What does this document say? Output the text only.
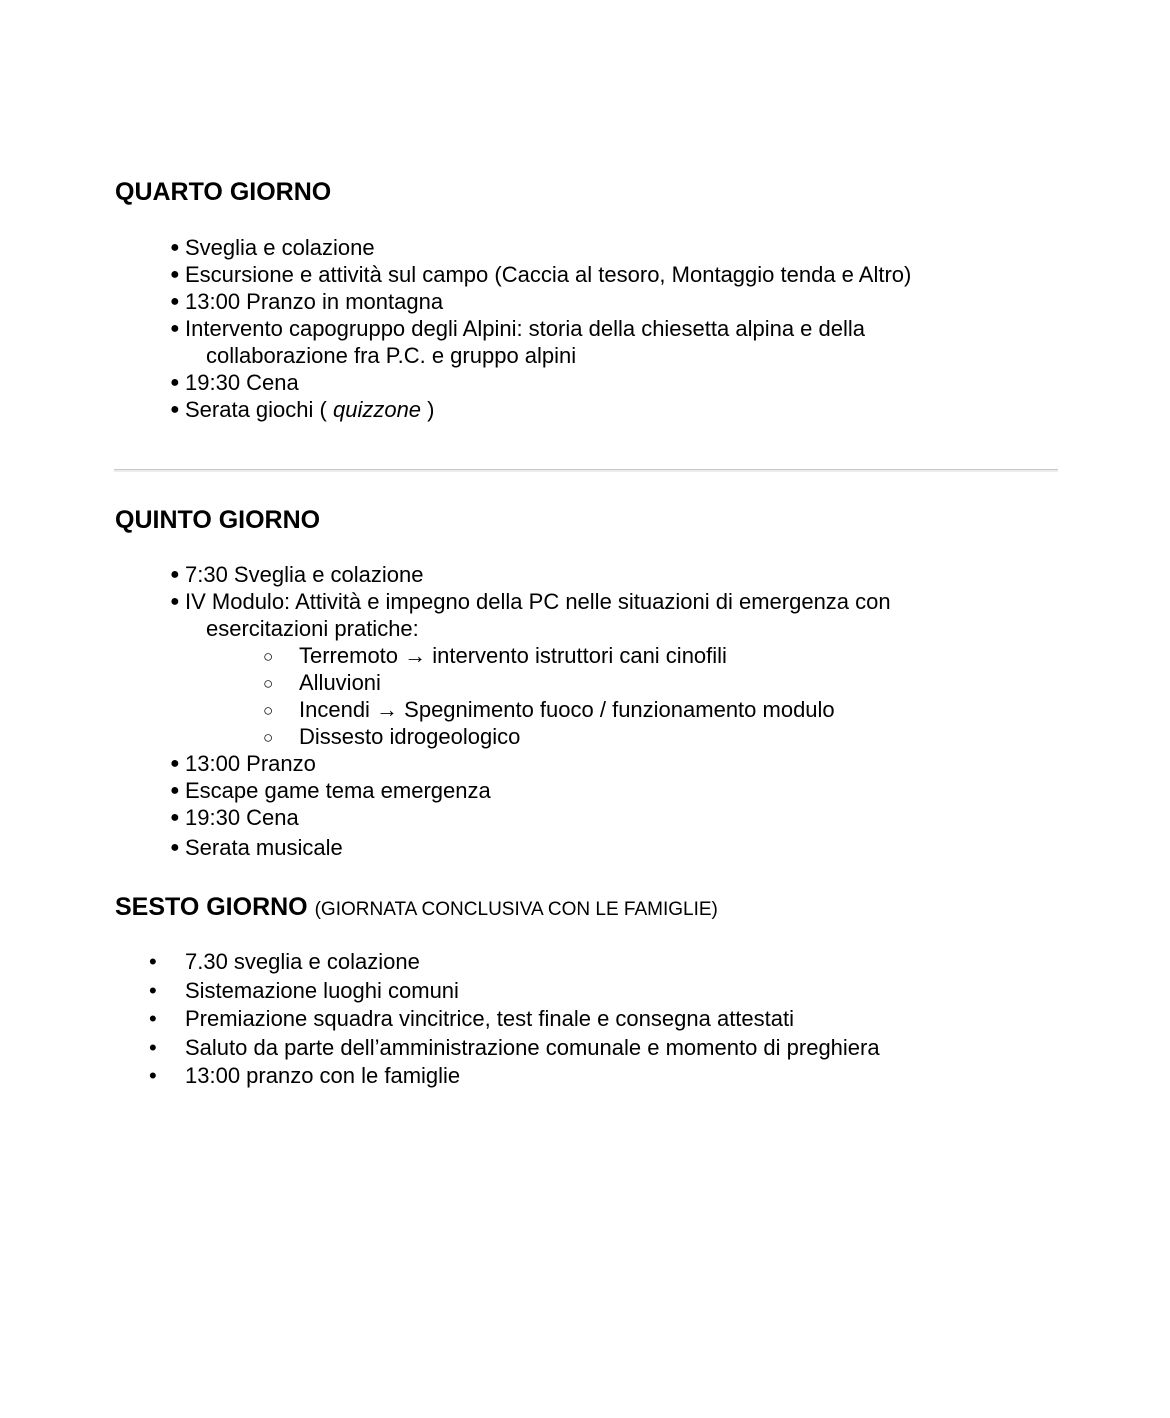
QUARTO GIORNO
● Sveglia e colazione
● Escursione e attività sul campo (Caccia al tesoro, Montaggio tenda e Altro)
● 13:00 Pranzo in montagna
● Intervento capogruppo degli Alpini: storia della chiesetta alpina e della
collaborazione fra P.C. e gruppo alpini
● 19:30 Cena
● Serata giochi ( quizzone )
QUINTO GIORNO
● 7:30 Sveglia e colazione
● IV Modulo: Attività e impegno della PC nelle situazioni di emergenza con
esercitazioni pratiche:
○ Terremoto → intervento istruttori cani cinofili
○ Alluvioni
○ Incendi → Spegnimento fuoco / funzionamento modulo
○ Dissesto idrogeologico
● 13:00 Pranzo
● Escape game tema emergenza
● 19:30 Cena
● Serata musicale
SESTO GIORNO (GIORNATA CONCLUSIVA CON LE FAMIGLIE)
• 7.30 sveglia e colazione
• Sistemazione luoghi comuni
• Premiazione squadra vincitrice, test finale e consegna attestati
• Saluto da parte dell’amministrazione comunale e momento di preghiera
• 13:00 pranzo con le famiglie
